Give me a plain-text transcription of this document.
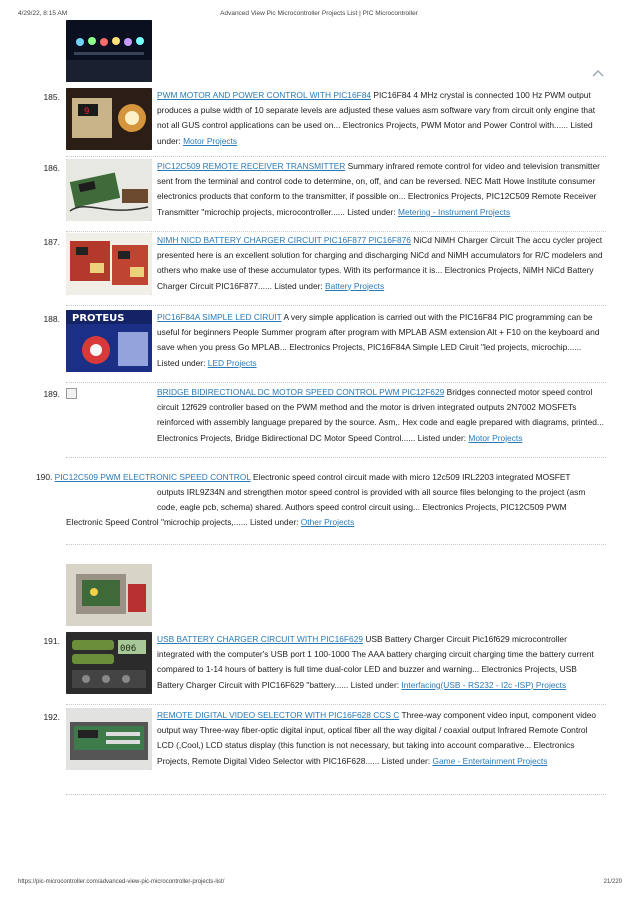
4/29/22, 8:15 AM	Advanced View Pic Microcontroller Projects List | PIC Microcontroller
185.
9
PWM MOTOR AND POWER CONTROL WITH PIC16F84 PIC16F84 4 MHz crystal is connected 100 Hz PWM output produces a pulse width of 10 separate levels are adjusted these values asm software vary from circuit only engine that not all GUS control applications can be used on... Electronics Projects, PWM Motor and Power Control with...... Listed under: Motor Projects
186.	PIC12C509 REMOTE RECEIVER TRANSMITTER Summary infrared remote control for video and television transmitter sent from the terminal and control code to determine, on, off, and can be reversed. NEC Matt Howe Institute consumer electronics products that conform to the transmitter, if possible on... Electronics Projects, PIC12C509 Remote Receiver Transmitter "microchip projects, microcontroller...... Listed under: Metering - Instrument Projects
187.	NIMH NICD BATTERY CHARGER CIRCUIT PIC16F877 PIC16F876 NiCd NiMH Charger Circuit The accu cycler project presented here is an excellent solution for charging and discharging NiCd and NiMH accumulators for R/C modelers and others who make use of these accumulator types. With its performance it is... Electronics Projects, NiMH NiCd Battery Charger Circuit PIC16F877...... Listed under: Battery Projects
188. PROTEUS	PIC16F84A SIMPLE LED CIRUIT A very simple application is carried out with the PIC16F84 PIC programming can be useful for beginners People Summer program after program with MPLAB ASM extension Alt + F10 on the keyboard and save when you press Go MPLAB... Electronics Projects, PIC16F84A Simple LED Ciruit "led projects, microchip...... Listed under: LED Projects
189.	BRIDGE BIDIRECTIONAL DC MOTOR SPEED CONTROL PWM PIC12F629 Bridges connected motor speed control circuit 12f629 controller based on the PWM method and the motor is driven integrated outputs 2N7002 MOSFETs reinforced with assembly language prepared by the source. Asm,. Hex code and eagle prepared with diagrams, printed... Electronics Projects, Bridge Bidirectional DC Motor Speed Control...... Listed under: Motor Projects
190. PIC12C509 PWM ELECTRONIC SPEED CONTROL Electronic speed control circuit made with micro 12c509 IRL2203 integrated MOSFET
outputs IRL9Z34N and strengthen motor speed control is provided with all source files belonging to the project (asm code, eagle pcb, schema) shared. Authors speed control circuit using... Electronics Projects, PIC12C509 PWM
Electronic Speed Control "microchip projects,...... Listed under: Other Projects
191.
006
USB BATTERY CHARGER CIRCUIT WITH PIC16F629 USB Battery Charger Circuit Pic16f629 microcontroller integrated with the computer's USB port 1 100-1000 The AAA battery charging circuit charging time the battery current compared to 1-14 hours of battery is full time dual-color LED and buzzer and warning... Electronics Projects, USB Battery Charger Circuit with PIC16F629 "battery...... Listed under: Interfacing(USB - RS232 - I2c -ISP) Projects
192.	REMOTE DIGITAL VIDEO SELECTOR WITH PIC16F628 CCS C Three-way component video input, component video output way Three-way fiber-optic digital input, optical fiber all the way digital / coaxial output Infrared Remote Control LCD (,Cool,) LCD status display (this function is not necessary, but taking into account comparative... Electronics Projects, Remote Digital Video Selector with PIC16F628...... Listed under: Game - Entertainment Projects
https://pic-microcontroller.com/advanced-view-pic-microcontroller-projects-list/	21/220
